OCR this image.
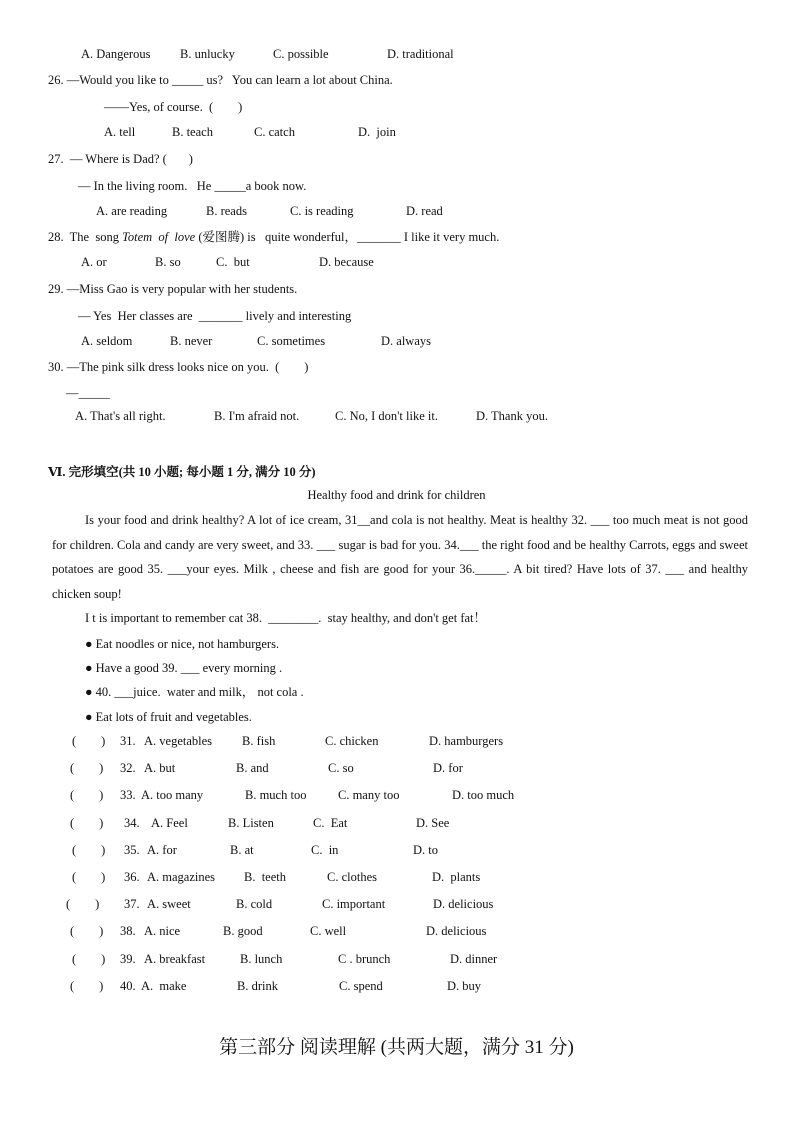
A. Dangerous B. unlucky	C. possible	D. traditional
26. —Would you like to _____ us?   You can learn a lot about China.
——Yes, of course.  (        )
A. tell	B. teach	C. catch	D.  join
27.  — Where is Dad? (       )
— In the living room.   He _____a book now.
A. are reading	B. reads	C. is reading	D. read
28.  The  song Totem  of  love (爱图腾) is   quite wonderful，_______ I like it very much.
A. or	B. so	C.  but	D. because
29. —Miss Gao is very popular with her students.
— Yes  Her classes are  _______ lively and interesting
A. seldom	B. never	C. sometimes	D. always
30. —The pink silk dress looks nice on you.  (        )
—_____
A. That's all right.	B. I'm afraid not.	C. No, I don't like it.	D. Thank you.
Ⅵ. 完形填空(共 10 小题; 每小题 1 分, 满分 10 分)
Healthy food and drink for children
Is your food and drink healthy? A lot of ice cream, 31__and cola is not healthy. Meat is healthy 32. ___ too much meat is not good for children. Cola and candy are very sweet, and 33. ___ sugar is bad for you. 34.___ the right food and be healthy Carrots, eggs and sweet potatoes are good 35. ___your eyes. Milk , cheese and fish are good for your 36._____. A bit tired? Have lots of 37. ___ and healthy chicken soup!
I t is important to remember cat 38.  ________.  stay healthy, and don't get fat！
● Eat noodles or nice, not hamburgers.
● Have a good 39. ___ every morning .
● 40. ___juice.  water and milk， not cola .
● Eat lots of fruit and vegetables.
(        ) 31. A. vegetables B. fish	C. chicken	D. hamburgers
(        ) 32. A. but	B. and	C. so	D. for
(        ) 33. A. too many	B. much too	C. many too	D. too much
(        ) 34. A. Feel	B. Listen	C.  Eat	D. See
(        ) 35. A. for	B. at	C.  in	D. to
(        ) 36. A. magazines B.  teeth	C. clothes	D.  plants
(        ) 37. A. sweet	B. cold	C. important	D. delicious
(        ) 38. A. nice	B. good	C. well	D. delicious
(        ) 39. A. breakfast	B. lunch	C . brunch	D. dinner
(        ) 40. A.  make	B. drink	C. spend	D. buy
第三部分 阅读理解 (共两大题，满分 31 分)
